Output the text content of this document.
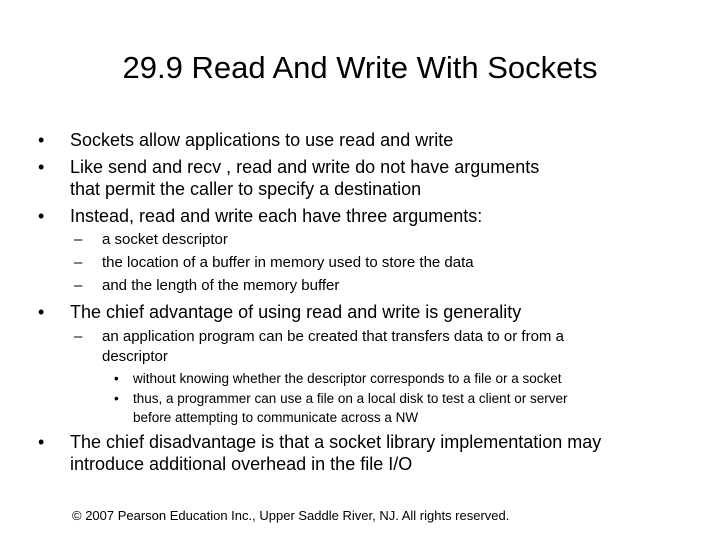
29.9 Read And Write With Sockets
• Sockets allow applications to use read and write
• Like send and recv , read and write do not have arguments
that permit the caller to specify a destination
• Instead, read and write each have three arguments:
– a socket descriptor
– the location of a buffer in memory used to store the data
– and the length of the memory buffer
• The chief advantage of using read and write is generality
– an application program can be created that transfers data to or from a
descriptor
• without knowing whether the descriptor corresponds to a file or a socket
• thus, a programmer can use a file on a local disk to test a client or server
before attempting to communicate across a NW
• The chief disadvantage is that a socket library implementation may
introduce additional overhead in the file I/O
© 2007 Pearson Education Inc., Upper Saddle River, NJ. All rights reserved.
